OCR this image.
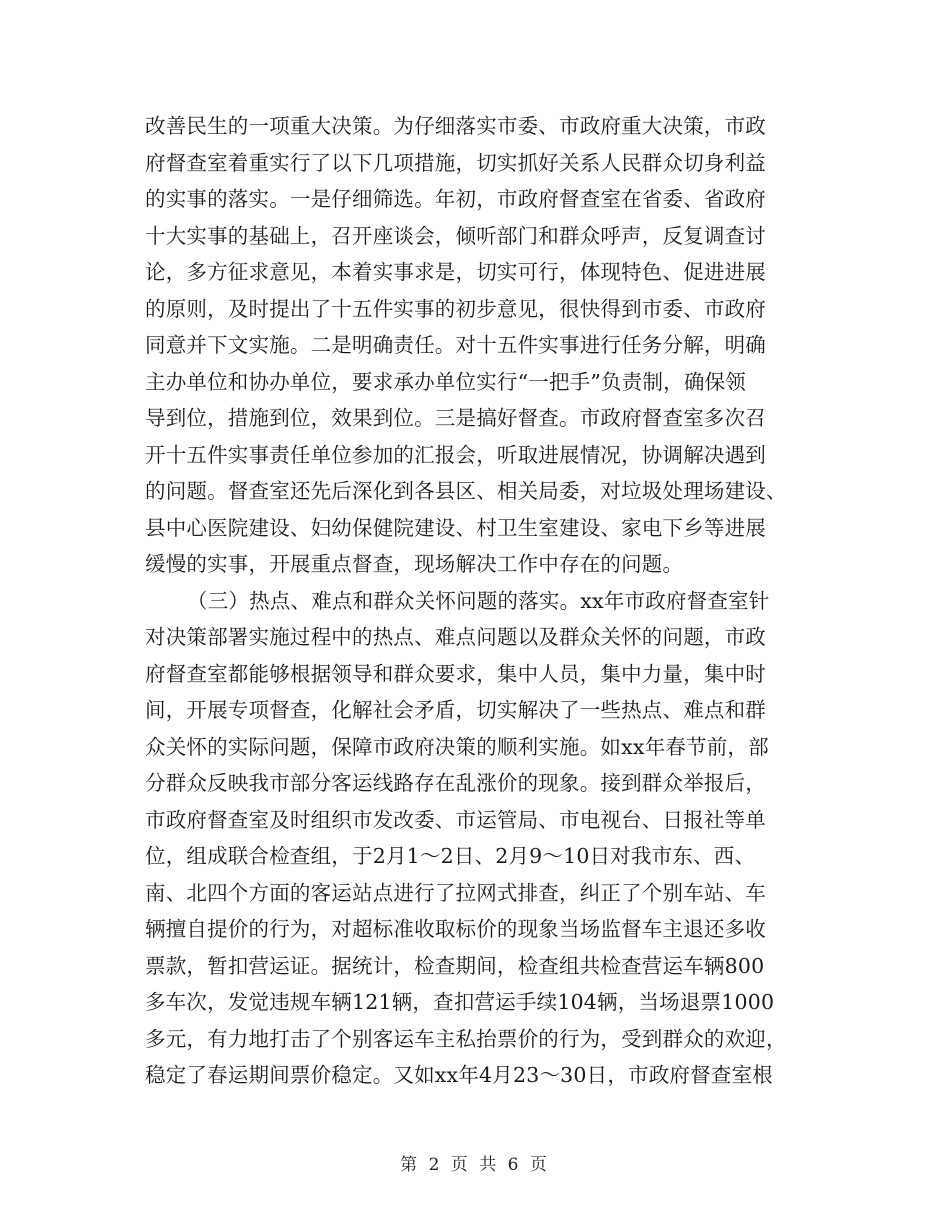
改善民生的一项重大决策。为仔细落实市委、市政府重大决策，市政
府督查室着重实行了以下几项措施，切实抓好关系人民群众切身利益
的实事的落实。一是仔细筛选。年初，市政府督查室在省委、省政府
十大实事的基础上，召开座谈会，倾听部门和群众呼声，反复调查讨
论，多方征求意见，本着实事求是，切实可行，体现特色、促进进展
的原则，及时提出了十五件实事的初步意见，很快得到市委、市政府
同意并下文实施。二是明确责任。对十五件实事进行任务分解，明确
主办单位和协办单位，要求承办单位实行“一把手”负责制，确保领
导到位，措施到位，效果到位。三是搞好督查。市政府督查室多次召
开十五件实事责任单位参加的汇报会，听取进展情况，协调解决遇到
的问题。督查室还先后深化到各县区、相关局委，对垃圾处理场建设、
县中心医院建设、妇幼保健院建设、村卫生室建设、家电下乡等进展
缓慢的实事，开展重点督查，现场解决工作中存在的问题。
（三）热点、难点和群众关怀问题的落实。xx年市政府督查室针
对决策部署实施过程中的热点、难点问题以及群众关怀的问题，市政
府督查室都能够根据领导和群众要求，集中人员，集中力量，集中时
间，开展专项督查，化解社会矛盾，切实解决了一些热点、难点和群
众关怀的实际问题，保障市政府决策的顺利实施。如xx年春节前，部
分群众反映我市部分客运线路存在乱涨价的现象。接到群众举报后，
市政府督查室及时组织市发改委、市运管局、市电视台、日报社等单
位，组成联合检查组，于2月1～2日、2月9～10日对我市东、西、
南、北四个方面的客运站点进行了拉网式排查，纠正了个别车站、车
辆擅自提价的行为，对超标准收取标价的现象当场监督车主退还多收
票款，暂扣营运证。据统计，检查期间，检查组共检查营运车辆800
多车次，发觉违规车辆121辆，查扣营运手续104辆，当场退票1000
多元，有力地打击了个别客运车主私抬票价的行为，受到群众的欢迎，
稳定了春运期间票价稳定。又如xx年4月23～30日，市政府督查室根
第 2 页 共 6 页
